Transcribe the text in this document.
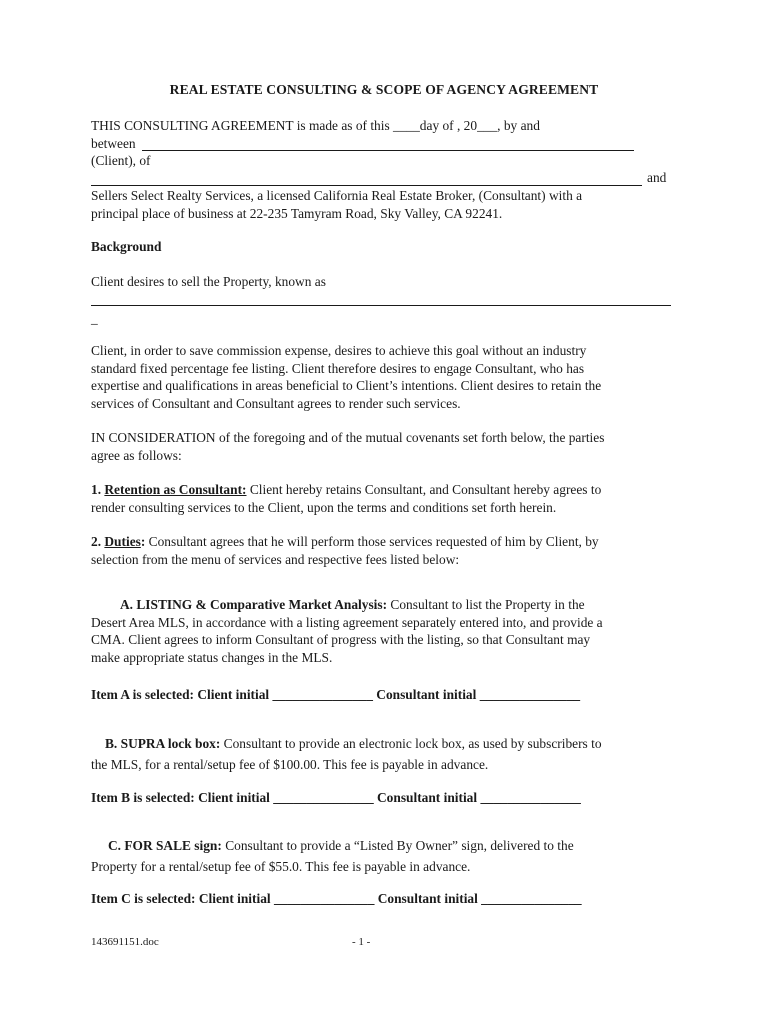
REAL ESTATE CONSULTING & SCOPE OF AGENCY AGREEMENT

THIS CONSULTING AGREEMENT is made as of this ____day of , 20___, by and
between
(Client), of

and

Sellers Select Realty Services, a licensed California Real Estate Broker, (Consultant) with a
principal place of business at 22-235 Tamyram Road, Sky Valley, CA 92241.

Background

Client desires to sell the Property, known as

_

Client, in order to save commission expense, desires to achieve this goal without an industry
standard fixed percentage fee listing. Client therefore desires to engage Consultant, who has
expertise and qualifications in areas beneficial to Client’s intentions. Client desires to retain the
services of Consultant and Consultant agrees to render such services.

IN CONSIDERATION of the foregoing and of the mutual covenants set forth below, the parties
agree as follows:

1. Retention as Consultant: Client hereby retains Consultant, and Consultant hereby agrees to
render consulting services to the Client, upon the terms and conditions set forth herein.

2. Duties: Consultant agrees that he will perform those services requested of him by Client, by
selection from the menu of services and respective fees listed below:

A. LISTING & Comparative Market Analysis: Consultant to list the Property in the
Desert Area MLS, in accordance with a listing agreement separately entered into, and provide a
CMA. Client agrees to inform Consultant of progress with the listing, so that Consultant may
make appropriate status changes in the MLS.

Item A is selected: Client initial _______________ Consultant initial _______________

B. SUPRA lock box: Consultant to provide an electronic lock box, as used by subscribers to
the MLS, for a rental/setup fee of $100.00. This fee is payable in advance.

Item B is selected: Client initial _______________ Consultant initial _______________

C. FOR SALE sign: Consultant to provide a “Listed By Owner” sign, delivered to the
Property for a rental/setup fee of $55.0. This fee is payable in advance.

Item C is selected: Client initial _______________ Consultant initial _______________

143691151.doc	- 1 -
